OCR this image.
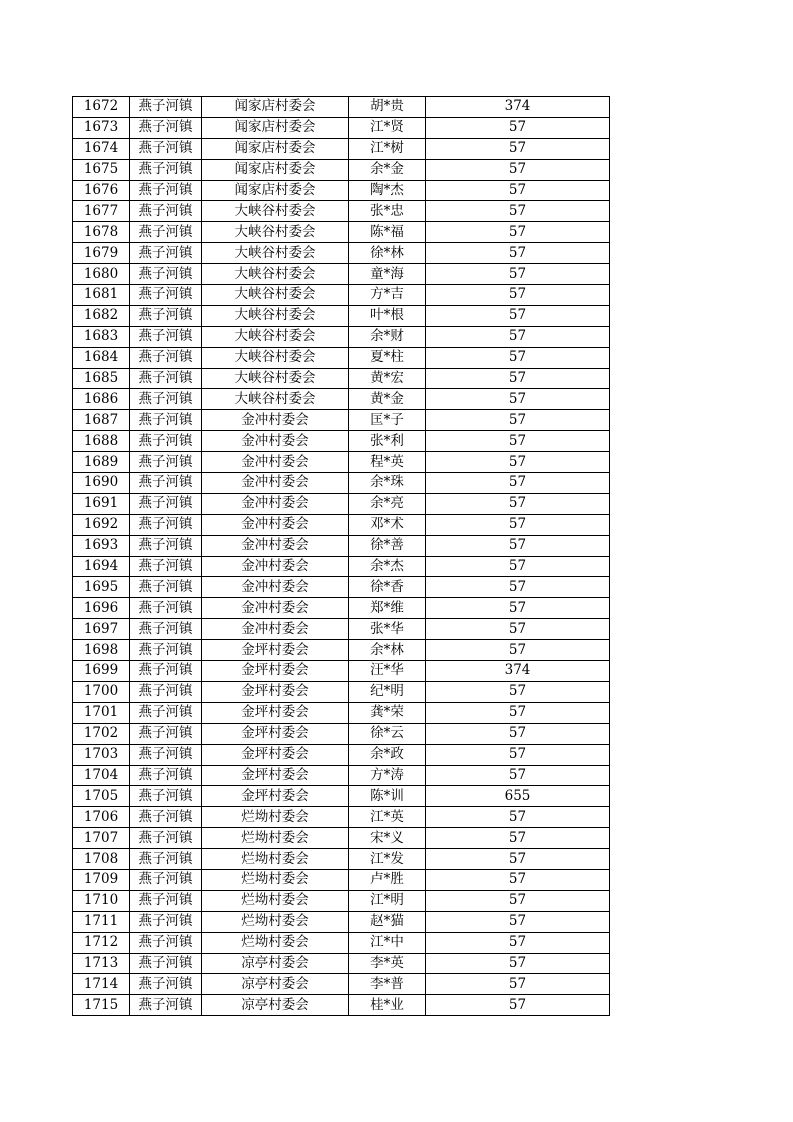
1672	燕子河镇	闻家店村委会	胡*贵	374
1673	燕子河镇	闻家店村委会	江*贤	57
1674	燕子河镇	闻家店村委会	江*树	57
1675	燕子河镇	闻家店村委会	余*金	57
1676	燕子河镇	闻家店村委会	陶*杰	57
1677	燕子河镇	大峡谷村委会	张*忠	57
1678	燕子河镇	大峡谷村委会	陈*福	57
1679	燕子河镇	大峡谷村委会	徐*林	57
1680	燕子河镇	大峡谷村委会	童*海	57
1681	燕子河镇	大峡谷村委会	方*吉	57
1682	燕子河镇	大峡谷村委会	叶*根	57
1683	燕子河镇	大峡谷村委会	余*财	57
1684	燕子河镇	大峡谷村委会	夏*柱	57
1685	燕子河镇	大峡谷村委会	黄*宏	57
1686	燕子河镇	大峡谷村委会	黄*金	57
1687	燕子河镇	金冲村委会	匡*子	57
1688	燕子河镇	金冲村委会	张*利	57
1689	燕子河镇	金冲村委会	程*英	57
1690	燕子河镇	金冲村委会	余*珠	57
1691	燕子河镇	金冲村委会	余*亮	57
1692	燕子河镇	金冲村委会	邓*术	57
1693	燕子河镇	金冲村委会	徐*善	57
1694	燕子河镇	金冲村委会	余*杰	57
1695	燕子河镇	金冲村委会	徐*香	57
1696	燕子河镇	金冲村委会	郑*维	57
1697	燕子河镇	金冲村委会	张*华	57
1698	燕子河镇	金坪村委会	余*林	57
1699	燕子河镇	金坪村委会	汪*华	374
1700	燕子河镇	金坪村委会	纪*明	57
1701	燕子河镇	金坪村委会	龚*荣	57
1702	燕子河镇	金坪村委会	徐*云	57
1703	燕子河镇	金坪村委会	余*政	57
1704	燕子河镇	金坪村委会	方*涛	57
1705	燕子河镇	金坪村委会	陈*训	655
1706	燕子河镇	烂坳村委会	江*英	57
1707	燕子河镇	烂坳村委会	宋*义	57
1708	燕子河镇	烂坳村委会	江*发	57
1709	燕子河镇	烂坳村委会	卢*胜	57
1710	燕子河镇	烂坳村委会	江*明	57
1711	燕子河镇	烂坳村委会	赵*猫	57
1712	燕子河镇	烂坳村委会	江*中	57
1713	燕子河镇	凉亭村委会	李*英	57
1714	燕子河镇	凉亭村委会	李*普	57
1715	燕子河镇	凉亭村委会	桂*业	57
